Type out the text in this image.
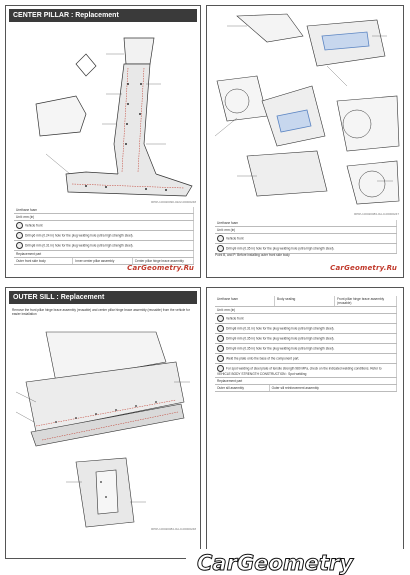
CENTER PILLAR : Replacement
RPRU-00020090-0222-00000248
Urethane foam
Unit: mm (in)
Vehicle front
Drill φ6 mm (0.24 in) hole for the plug welding hole (ultra high strength steel).
Drill φ8 mm (0.31 in) hole for the plug welding hole (ultra high strength steel).
Replacement part
Outer front side body	Inner center pillar assembly	Center pillar hinge brace assembly
CarGeometry.Ru
RPRU-00020083-0LL0-00000247
Urethane foam
Unit: mm (in)
Vehicle front
Drill φ9 mm (0.35 in) hole for the plug welding hole (ultra high strength steel).
Point B, and P: Before installing outer front side body
CarGeometry.Ru
OUTER SILL : Replacement
Remove the front pillar hinge brace assembly (reusable) and center pillar hinge brace assembly (reusable) from the vehicle for easier installation
RPRU-00020084-0LL0-00000248
Urethane foam	Body sealing	Front pillar hinge brace assembly (reusable)
Unit: mm (in)
Vehicle front
Drill φ8 mm (0.31 in) hole for the plug welding hole (ultra high strength steel).
Drill φ9 mm (0.35 in) hole for the plug welding hole (ultra high strength steel).
Drill φ9 mm (0.35 in) hole for the plug welding hole (ultra high strength steel).
Weld the plate onto the base of the component part.
For spot welding of steel plate of tensile strength 980 MPa, check on the indicated welding conditions. Refer to VEHICLE BODY STRENGTH CONSTRUCTION : Spot welding
Replacement part
Outer sill assembly	Outer sill reinforcement assembly
CarGeometry
